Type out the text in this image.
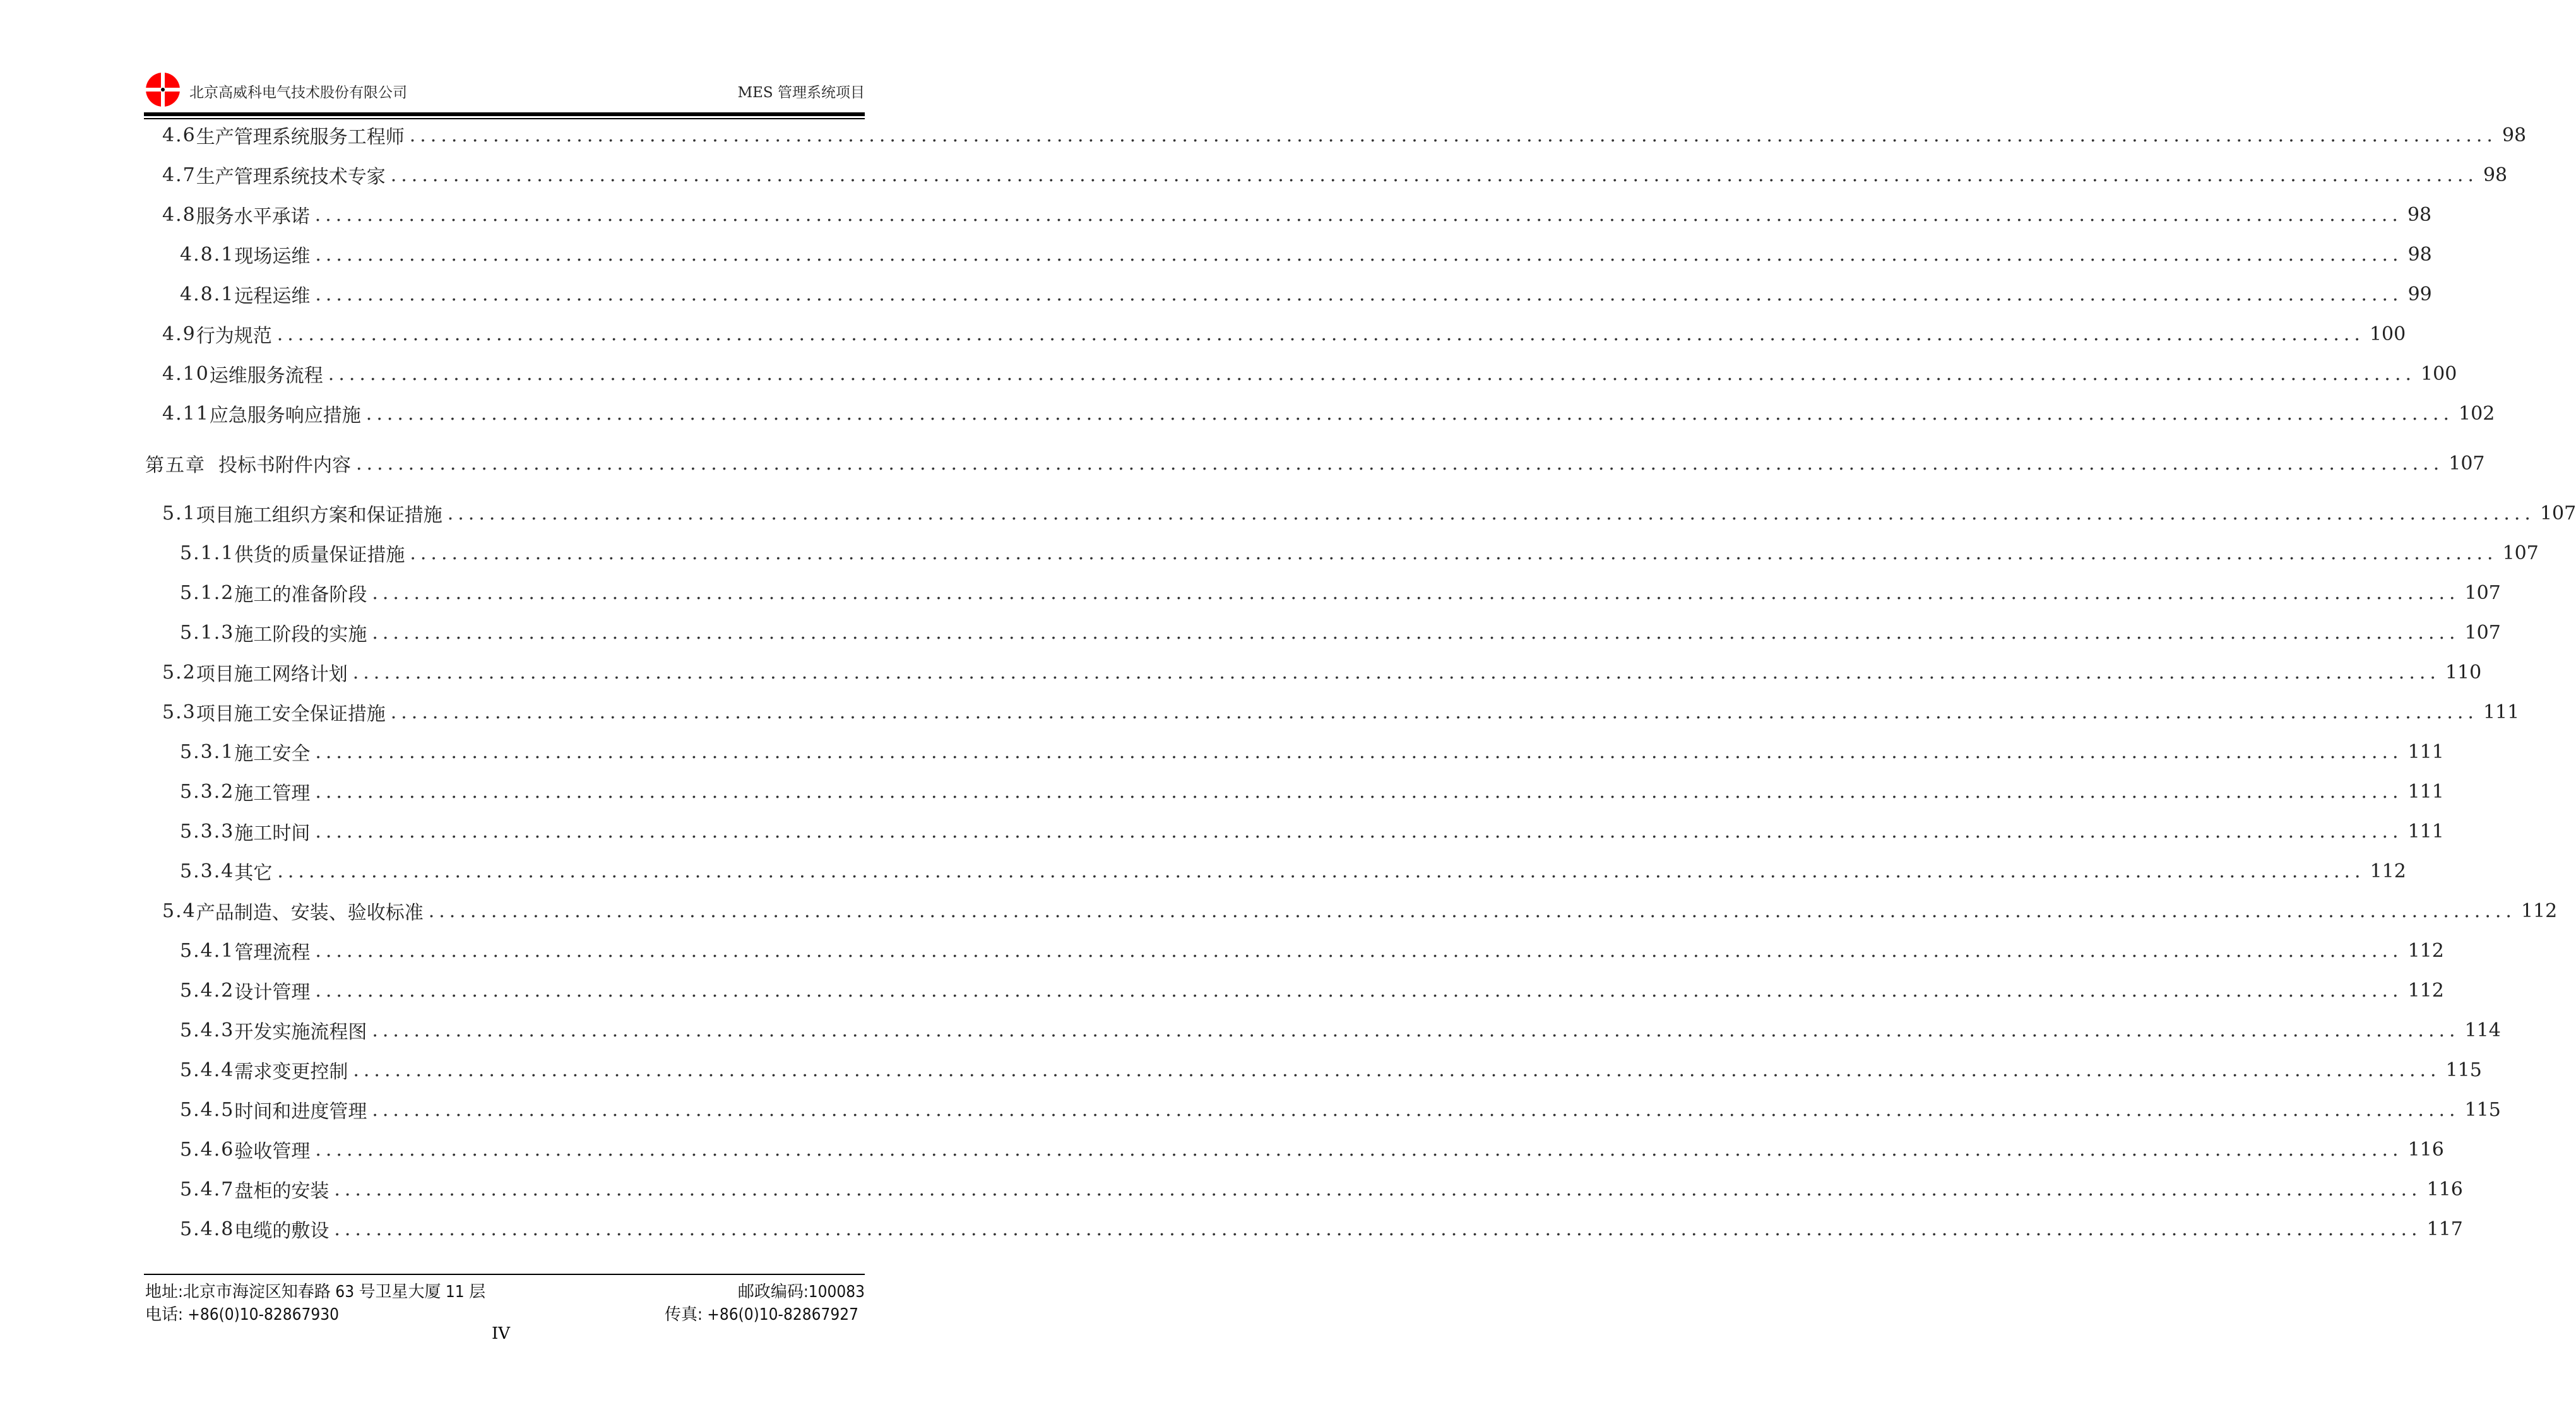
北京高威科电气技术股份有限公司	MES 管理系统项目
4.6 生产管理系统服务工程师 ........................................................................................................................................................................................................ 98
4.7 生产管理系统技术专家 ........................................................................................................................................................................................................ 98
4.8 服务水平承诺 ........................................................................................................................................................................................................ 98
4.8.1 现场运维 ........................................................................................................................................................................................................ 98
4.8.1 远程运维 ........................................................................................................................................................................................................ 99
4.9 行为规范 ........................................................................................................................................................................................................ 100
4.10 运维服务流程 ........................................................................................................................................................................................................ 100
4.11 应急服务响应措施 ........................................................................................................................................................................................................ 102
第五章 投标书附件内容 ........................................................................................................................................................................................................ 107
5.1 项目施工组织方案和保证措施 ........................................................................................................................................................................................................ 107
5.1.1 供货的质量保证措施 ........................................................................................................................................................................................................ 107
5.1.2 施工的准备阶段 ........................................................................................................................................................................................................ 107
5.1.3 施工阶段的实施 ........................................................................................................................................................................................................ 107
5.2 项目施工网络计划 ........................................................................................................................................................................................................ 110
5.3 项目施工安全保证措施 ........................................................................................................................................................................................................ 111
5.3.1 施工安全 ........................................................................................................................................................................................................ 111
5.3.2 施工管理 ........................................................................................................................................................................................................ 111
5.3.3 施工时间 ........................................................................................................................................................................................................ 111
5.3.4 其它 ........................................................................................................................................................................................................ 112
5.4 产品制造、安装、验收标准 ........................................................................................................................................................................................................ 112
5.4.1 管理流程 ........................................................................................................................................................................................................ 112
5.4.2 设计管理 ........................................................................................................................................................................................................ 112
5.4.3 开发实施流程图 ........................................................................................................................................................................................................ 114
5.4.4 需求变更控制 ........................................................................................................................................................................................................ 115
5.4.5 时间和进度管理 ........................................................................................................................................................................................................ 115
5.4.6 验收管理 ........................................................................................................................................................................................................ 116
5.4.7 盘柜的安装 ........................................................................................................................................................................................................ 116
5.4.8 电缆的敷设 ........................................................................................................................................................................................................ 117
地址:北京市海淀区知春路 63 号卫星大厦 11 层	邮政编码:100083
电话: +86(0)10-82867930	传真: +86(0)10-82867927
IV
